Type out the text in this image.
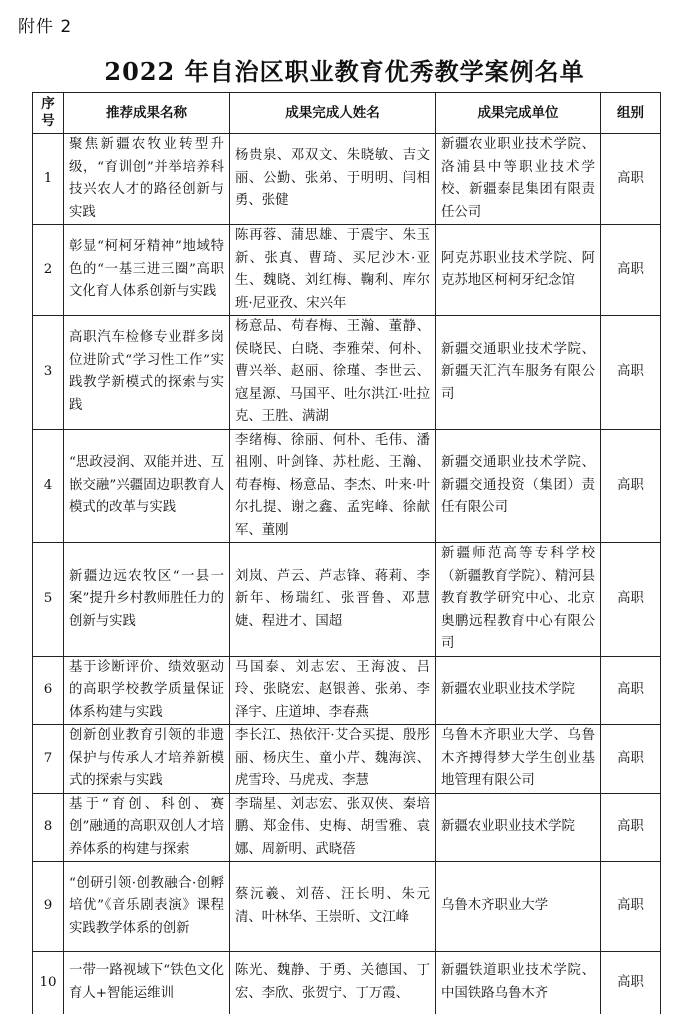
附件 2
2022 年自治区职业教育优秀教学案例名单
序号	推荐成果名称	成果完成人姓名	成果完成单位	组别
1	聚焦新疆农牧业转型升级，“育训创”并举培养科技兴农人才的路径创新与实践	杨贵泉、邓双文、朱晓敏、吉文丽、公勤、张弟、于明明、闫相勇、张健	新疆农业职业技术学院、洛浦县中等职业技术学校、新疆泰昆集团有限责任公司	高职
2	彰显“柯柯牙精神”地域特色的“一基三进三圈”高职文化育人体系创新与实践	陈再蓉、蒲思雄、于震宇、朱玉新、张真、曹琦、买尼沙木·亚生、魏晓、刘红梅、鞠利、库尔班·尼亚孜、宋兴年	阿克苏职业技术学院、阿克苏地区柯柯牙纪念馆	高职
3	高职汽车检修专业群多岗位进阶式“学习性工作”实践教学新模式的探索与实践	杨意品、苟春梅、王瀚、董静、侯晓民、白晓、李雅荣、何朴、曹兴举、赵丽、徐瑾、李世云、寇星源、马国平、吐尔洪江·吐拉克、王胜、满湖	新疆交通职业技术学院、新疆天汇汽车服务有限公司	高职
4	“思政浸润、双能并进、互嵌交融”兴疆固边职教育人模式的改革与实践	李绪梅、徐丽、何朴、毛伟、潘祖刚、叶剑锋、苏杜彪、王瀚、苟春梅、杨意品、李杰、叶来·叶尔扎提、谢之鑫、孟宪峰、徐献军、董刚	新疆交通职业技术学院、新疆交通投资（集团）责任有限公司	高职
5	新疆边远农牧区“一县一案”提升乡村教师胜任力的创新与实践	刘岚、芦云、芦志锋、蒋莉、李新年、杨瑞红、张晋鲁、邓慧婕、程进才、国超	新疆师范高等专科学校（新疆教育学院）、精河县教育教学研究中心、北京奥鹏远程教育中心有限公司	高职
6	基于诊断评价、绩效驱动的高职学校教学质量保证体系构建与实践	马国泰、刘志宏、王海波、吕玲、张晓宏、赵银善、张弟、李泽宇、庄道坤、李春燕	新疆农业职业技术学院	高职
7	创新创业教育引领的非遗保护与传承人才培养新模式的探索与实践	李长江、热依汗·艾合买提、殷彤丽、杨庆生、童小芹、魏海滨、虎雪玲、马虎戎、李慧	乌鲁木齐职业大学、乌鲁木齐搏得梦大学生创业基地管理有限公司	高职
8	基于“育创、科创、赛创”融通的高职双创人才培养体系的构建与探索	李瑞星、刘志宏、张双侠、秦培鹏、郑金伟、史梅、胡雪雅、袁娜、周新明、武晓蓓	新疆农业职业技术学院	高职
9	“创研引领·创教融合·创孵培优”《音乐剧表演》课程实践教学体系的创新	蔡沅羲、刘蓓、汪长明、朱元清、叶林华、王崇昕、文江峰	乌鲁木齐职业大学	高职
10	一带一路视域下“铁色文化育人+智能运维训	陈光、魏静、于勇、关德国、丁宏、李欣、张贺宁、丁万霞、	新疆铁道职业技术学院、中国铁路乌鲁木齐	高职
